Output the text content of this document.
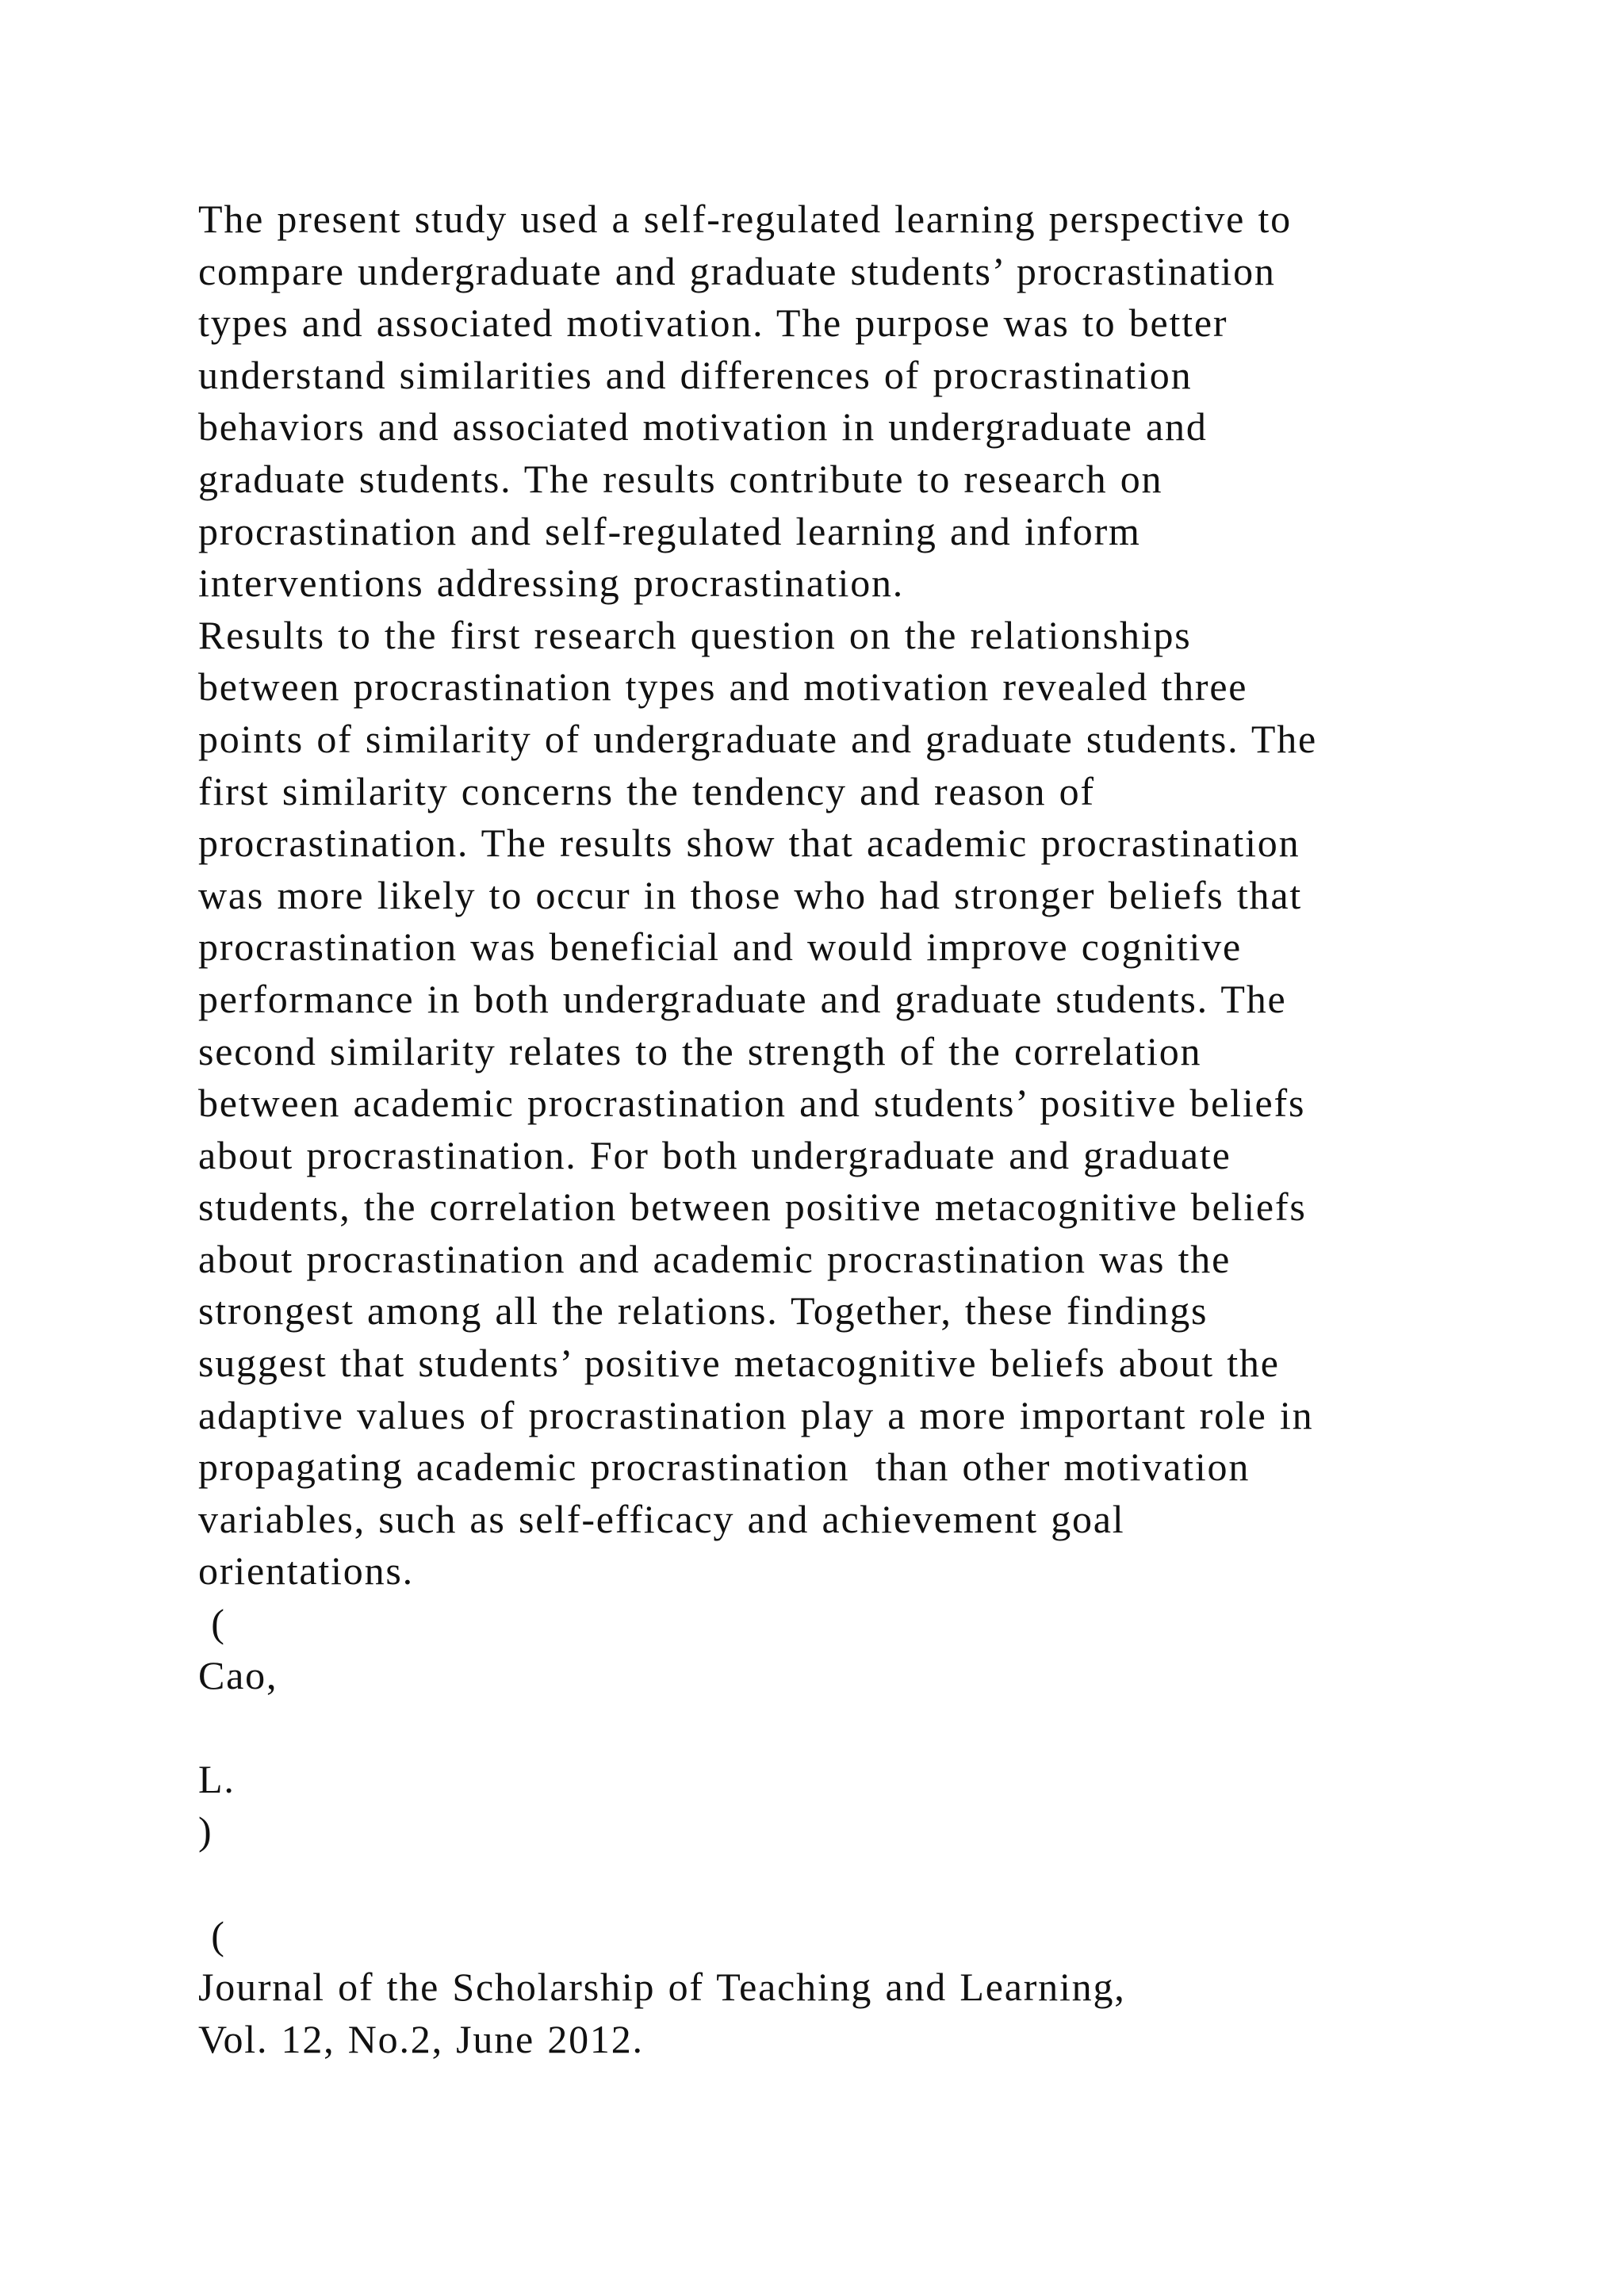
The present study used a self-regulated learning perspective to
compare undergraduate and graduate students’ procrastination
types and associated motivation. The purpose was to better
understand similarities and differences of procrastination
behaviors and associated motivation in undergraduate and
graduate students. The results contribute to research on
procrastination and self-regulated learning and inform
interventions addressing procrastination.
Results to the first research question on the relationships
between procrastination types and motivation revealed three
points of similarity of undergraduate and graduate students. The
first similarity concerns the tendency and reason of
procrastination. The results show that academic procrastination
was more likely to occur in those who had stronger beliefs that
procrastination was beneficial and would improve cognitive
performance in both undergraduate and graduate students. The
second similarity relates to the strength of the correlation
between academic procrastination and students’ positive beliefs
about procrastination. For both undergraduate and graduate
students, the correlation between positive metacognitive beliefs
about procrastination and academic procrastination was the
strongest among all the relations. Together, these findings
suggest that students’ positive metacognitive beliefs about the
adaptive values of procrastination play a more important role in
propagating academic procrastination  than other motivation
variables, such as self-efficacy and achievement goal
orientations.
(
Cao,
L.
)
(
Journal of the Scholarship of Teaching and Learning,
Vol. 12, No.2, June 2012.
